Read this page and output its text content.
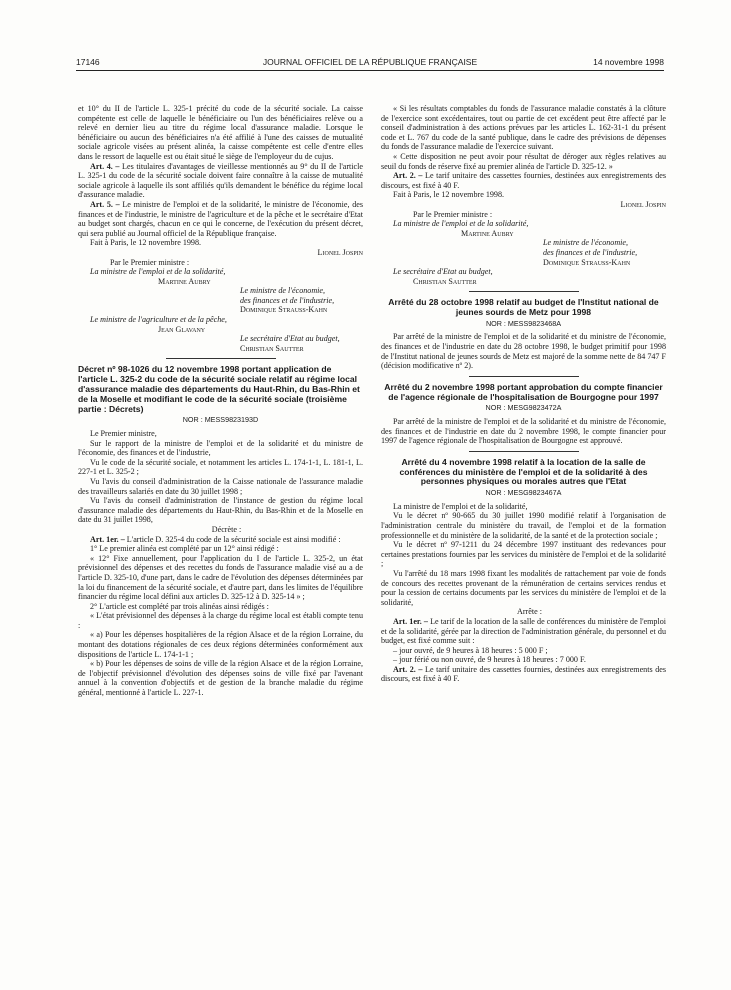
17146	JOURNAL OFFICIEL DE LA RÉPUBLIQUE FRANÇAISE	14 novembre 1998

et 10° du II de l'article L. 325-1 précité du code de la sécurité sociale. La caisse compétente est celle de laquelle le bénéficiaire ou l'un des bénéficiaires relève ou a relevé en dernier lieu au titre du régime local d'assurance maladie. Lorsque le bénéficiaire ou aucun des bénéficiaires n'a été affilié à l'une des caisses de mutualité sociale agricole visées au présent alinéa, la caisse compétente est celle d'entre elles dans le ressort de laquelle est ou était situé le siège de l'employeur du de cujus.

Art. 4. – Les titulaires d'avantages de vieillesse mentionnés au 9° du II de l'article L. 325-1 du code de la sécurité sociale doivent faire connaître à la caisse de mutualité sociale agricole à laquelle ils sont affiliés qu'ils demandent le bénéfice du régime local d'assurance maladie.

Art. 5. – Le ministre de l'emploi et de la solidarité, le ministre de l'économie, des finances et de l'industrie, le ministre de l'agriculture et de la pêche et le secrétaire d'Etat au budget sont chargés, chacun en ce qui le concerne, de l'exécution du présent décret, qui sera publié au Journal officiel de la République française.

Fait à Paris, le 12 novembre 1998.

Lionel Jospin

Par le Premier ministre :

La ministre de l'emploi et de la solidarité,

Martine Aubry

Le ministre de l'économie,

des finances et de l'industrie,

Dominique Strauss-Kahn

Le ministre de l'agriculture et de la pêche,

Jean Glavany

Le secrétaire d'Etat au budget,

Christian Sautter

Décret nº 98-1026 du 12 novembre 1998 portant application de l'article L. 325-2 du code de la sécurité sociale relatif au régime local d'assurance maladie des départements du Haut-Rhin, du Bas-Rhin et de la Moselle et modifiant le code de la sécurité sociale (troisième partie : Décrets)
NOR : MESS9823193D

Le Premier ministre,

Sur le rapport de la ministre de l'emploi et de la solidarité et du ministre de l'économie, des finances et de l'industrie,

Vu le code de la sécurité sociale, et notamment les articles L. 174-1-1, L. 181-1, L. 227-1 et L. 325-2 ;

Vu l'avis du conseil d'administration de la Caisse nationale de l'assurance maladie des travailleurs salariés en date du 30 juillet 1998 ;

Vu l'avis du conseil d'administration de l'instance de gestion du régime local d'assurance maladie des départements du Haut-Rhin, du Bas-Rhin et de la Moselle en date du 31 juillet 1998,

Décrète :

Art. 1er. – L'article D. 325-4 du code de la sécurité sociale est ainsi modifié :

1° Le premier alinéa est complété par un 12° ainsi rédigé :

« 12° Fixe annuellement, pour l'application du I de l'article L. 325-2, un état prévisionnel des dépenses et des recettes du fonds de l'assurance maladie visé au a de l'article D. 325-10, d'une part, dans le cadre de l'évolution des dépenses déterminées par la loi du financement de la sécurité sociale, et d'autre part, dans les limites de l'équilibre financier du régime local défini aux articles D. 325-12 à D. 325-14 » ;

2° L'article est complété par trois alinéas ainsi rédigés :

« L'état prévisionnel des dépenses à la charge du régime local est établi compte tenu :

« a) Pour les dépenses hospitalières de la région Alsace et de la région Lorraine, du montant des dotations régionales de ces deux régions déterminées conformément aux dispositions de l'article L. 174-1-1 ;

« b) Pour les dépenses de soins de ville de la région Alsace et de la région Lorraine, de l'objectif prévisionnel d'évolution des dépenses soins de ville fixé par l'avenant annuel à la convention d'objectifs et de gestion de la branche maladie du régime général, mentionné à l'article L. 227-1.

« Si les résultats comptables du fonds de l'assurance maladie constatés à la clôture de l'exercice sont excédentaires, tout ou partie de cet excédent peut être affecté par le conseil d'administration à des actions prévues par les articles L. 162-31-1 du présent code et L. 767 du code de la santé publique, dans le cadre des prévisions de dépenses du fonds de l'assurance maladie de l'exercice suivant.

« Cette disposition ne peut avoir pour résultat de déroger aux règles relatives au seuil du fonds de réserve fixé au premier alinéa de l'article D. 325-12. »

Art. 2. – Le tarif unitaire des cassettes fournies, destinées aux enregistrements des discours, est fixé à 40 F.

Fait à Paris, le 12 novembre 1998.

Lionel Jospin

Par le Premier ministre :

La ministre de l'emploi et de la solidarité,

Martine Aubry

Le ministre de l'économie,

des finances et de l'industrie,

Dominique Strauss-Kahn

Le secrétaire d'Etat au budget,

Christian Sautter

Arrêté du 28 octobre 1998 relatif au budget de l'Institut national de jeunes sourds de Metz pour 1998
NOR : MESS9823468A

Par arrêté de la ministre de l'emploi et de la solidarité et du ministre de l'économie, des finances et de l'industrie en date du 28 octobre 1998, le budget primitif pour 1998 de l'Institut national de jeunes sourds de Metz est majoré de la somme nette de 84 747 F (décision modificative nº 2).

Arrêté du 2 novembre 1998 portant approbation du compte financier de l'agence régionale de l'hospitalisation de Bourgogne pour 1997
NOR : MESG9823472A

Par arrêté de la ministre de l'emploi et de la solidarité et du ministre de l'économie, des finances et de l'industrie en date du 2 novembre 1998, le compte financier pour 1997 de l'agence régionale de l'hospitalisation de Bourgogne est approuvé.

Arrêté du 4 novembre 1998 relatif à la location de la salle de conférences du ministère de l'emploi et de la solidarité à des personnes physiques ou morales autres que l'Etat
NOR : MESG9823467A

La ministre de l'emploi et de la solidarité,

Vu le décret nº 90-665 du 30 juillet 1990 modifié relatif à l'organisation de l'administration centrale du ministère du travail, de l'emploi et de la formation professionnelle et du ministère de la solidarité, de la santé et de la protection sociale ;

Vu le décret nº 97-1211 du 24 décembre 1997 instituant des redevances pour certaines prestations fournies par les services du ministère de l'emploi et de la solidarité ;

Vu l'arrêté du 18 mars 1998 fixant les modalités de rattachement par voie de fonds de concours des recettes provenant de la rémunération de certains services rendus et pour la cession de certains documents par les services du ministère de l'emploi et de la solidarité,

Arrête :

Art. 1er. – Le tarif de la location de la salle de conférences du ministère de l'emploi et de la solidarité, gérée par la direction de l'administration générale, du personnel et du budget, est fixé comme suit :

– jour ouvré, de 9 heures à 18 heures : 5 000 F ;

– jour férié ou non ouvré, de 9 heures à 18 heures : 7 000 F.

Art. 2. – Le tarif unitaire des cassettes fournies, destinées aux enregistrements des discours, est fixé à 40 F.
